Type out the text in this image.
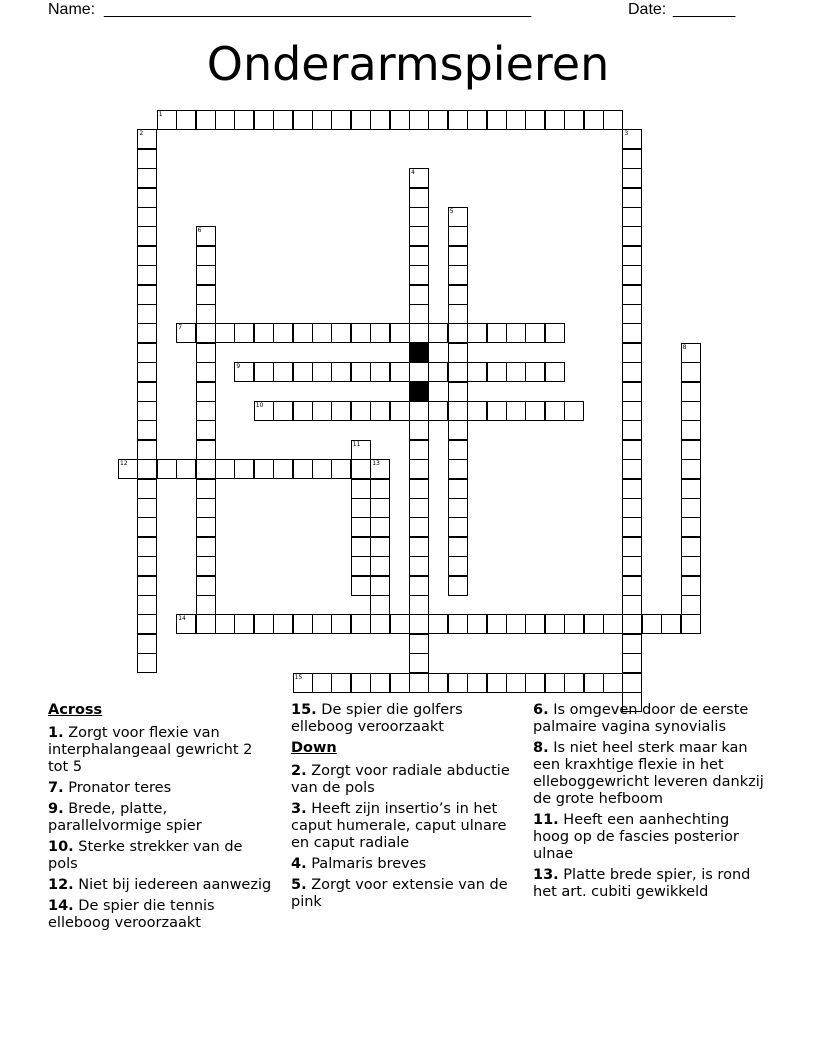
Name: ________________________________________________	Date: _______
Onderarmspieren
1
2	3
4
5
6
7
8
9
10
11
12	13
14
15
Across
1. Zorgt voor flexie van interphalangeaal gewricht 2 tot 5
7. Pronator teres
9. Brede, platte, parallelvormige spier
10. Sterke strekker van de pols
12. Niet bij iedereen aanwezig
14. De spier die tennis elleboog veroorzaakt
15. De spier die golfers elleboog veroorzaakt
Down
2. Zorgt voor radiale abductie van de pols
3. Heeft zijn insertio’s in het caput humerale, caput ulnare en caput radiale
4. Palmaris breves
5. Zorgt voor extensie van de pink
6. Is omgeven door de eerste palmaire vagina synovialis
8. Is niet heel sterk maar kan een kraxhtige flexie in het elleboggewricht leveren dankzij de grote hefboom
11. Heeft een aanhechting hoog op de fascies posterior ulnae
13. Platte brede spier, is rond het art. cubiti gewikkeld
